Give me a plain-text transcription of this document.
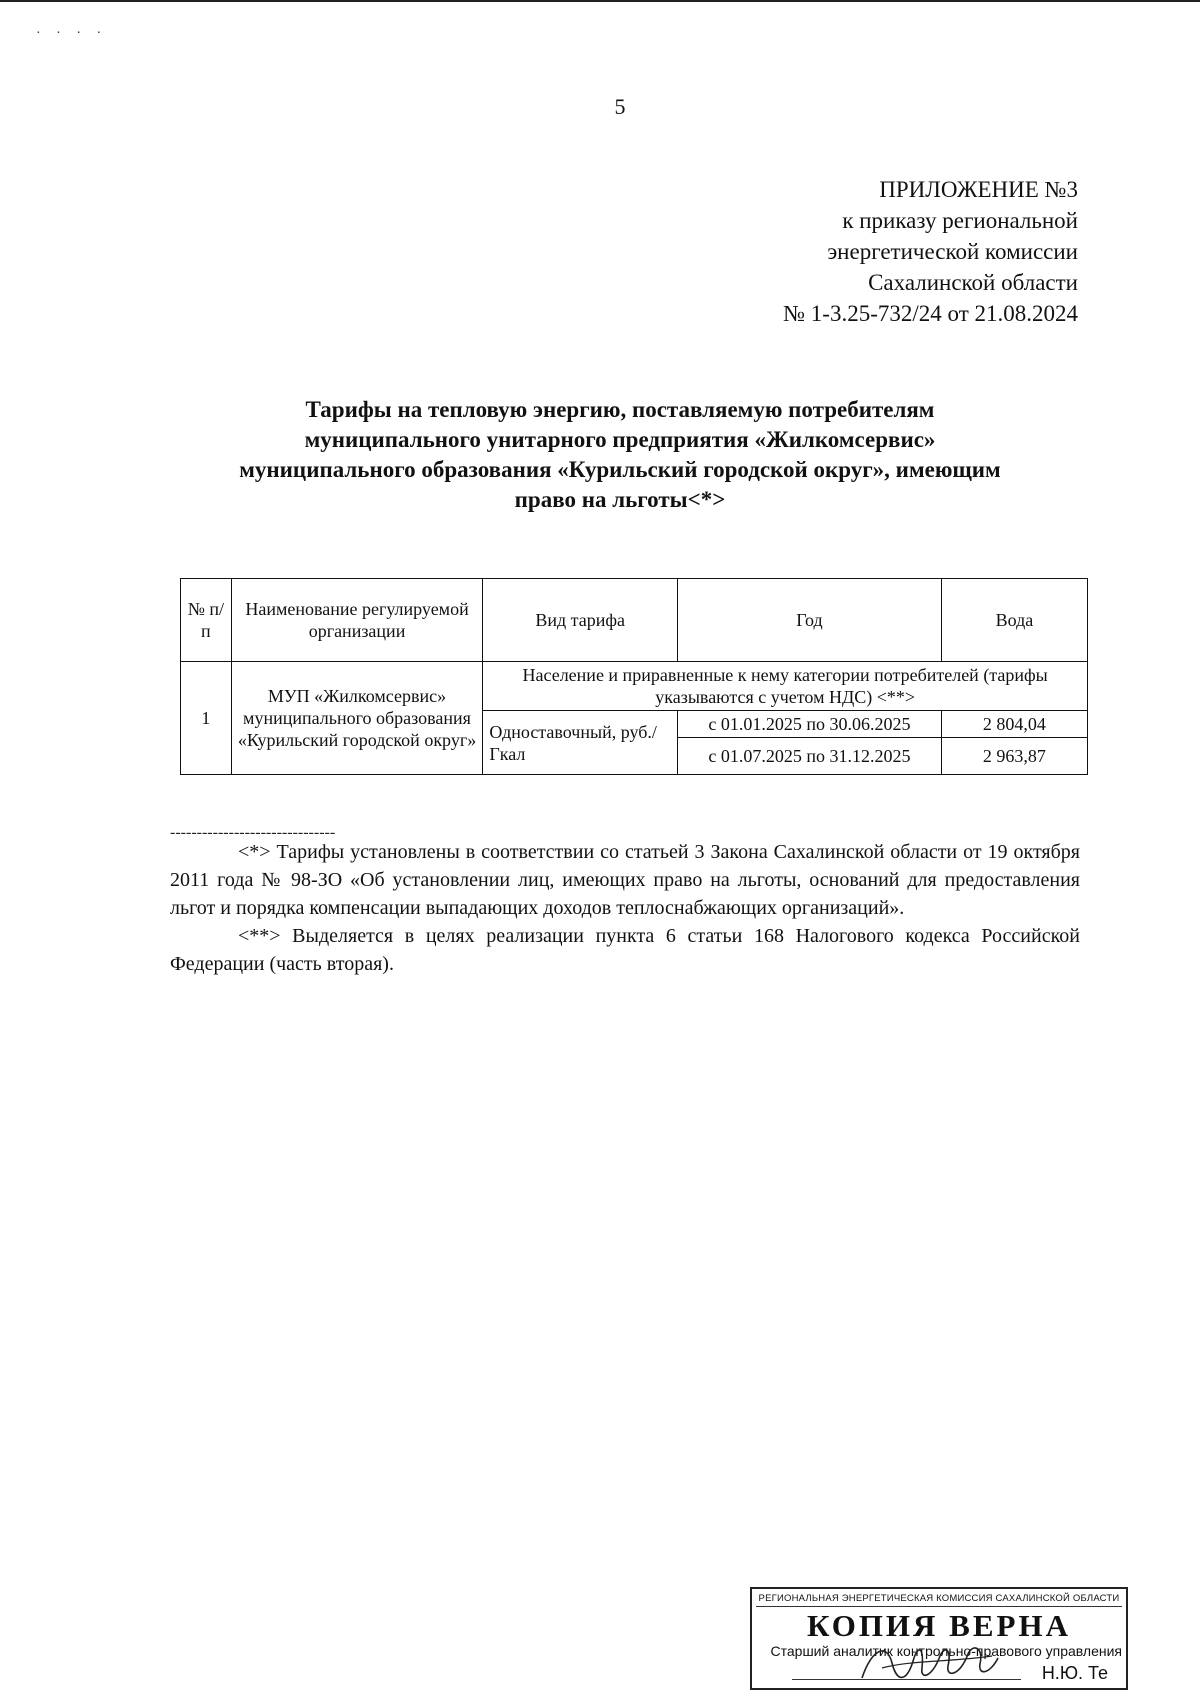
· · · ·
5
ПРИЛОЖЕНИЕ №3
к приказу региональной
энергетической комиссии
Сахалинской области
№ 1-3.25-732/24 от 21.08.2024
Тарифы на тепловую энергию, поставляемую потребителям
муниципального унитарного предприятия «Жилкомсервис»
муниципального образования «Курильский городской округ», имеющим
право на льготы<*>
№ п/п	Наименование регулируемой организации	Вид тарифа	Год	Вода
1	МУП «Жилкомсервис» муниципального образования «Курильский городской округ»	Население и приравненные к нему категории потребителей (тарифы указываются с учетом НДС) <**>		
		Одноставочный, руб./Гкал	с 01.01.2025 по 30.06.2025	2 804,04
			с 01.07.2025 по 31.12.2025	2 963,87
-------------------------------

<*> Тарифы установлены в соответствии со статьей 3 Закона Сахалинской области от 19 октября 2011 года № 98-ЗО «Об установлении лиц, имеющих право на льготы, оснований для предоставления льгот и порядка компенсации выпадающих доходов теплоснабжающих организаций».

<**> Выделяется в целях реализации пункта 6 статьи 168 Налогового кодекса Российской Федерации (часть вторая).

РЕГИОНАЛЬНАЯ ЭНЕРГЕТИЧЕСКАЯ КОМИССИЯ САХАЛИНСКОЙ ОБЛАСТИ
КОПИЯ ВЕРНА
Старший аналитик контрольно-правового управления
Н.Ю. Те
